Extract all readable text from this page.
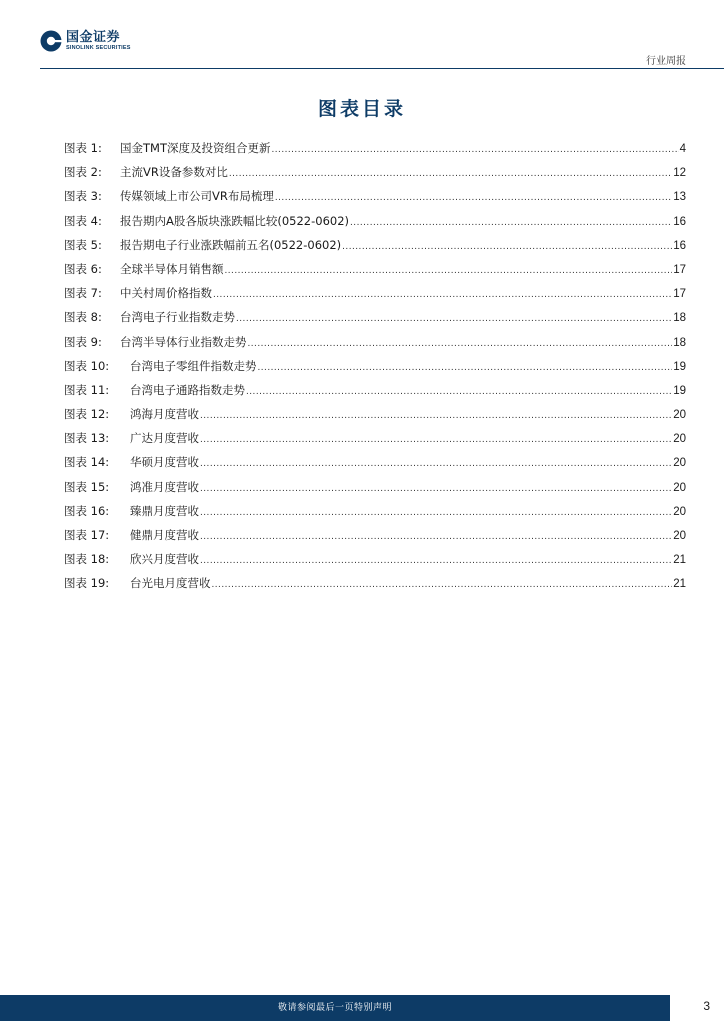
国金证券
SINOLINK SECURITIES
行业周报
图表目录
图表 1:	国金TMT深度及投资组合更新 .....	4
图表 2:	主流VR设备参数对比 .....	12
图表 3:	传媒领域上市公司VR布局梳理 .....	13
图表 4:	报告期内A股各版块涨跌幅比较(0522-0602) .....	16
图表 5:	报告期电子行业涨跌幅前五名(0522-0602) .....	16
图表 6:	全球半导体月销售额 .....	17
图表 7:	中关村周价格指数 .....	17
图表 8:	台湾电子行业指数走势 .....	18
图表 9:	台湾半导体行业指数走势 .....	18
图表 10:	台湾电子零组件指数走势 .....	19
图表 11:	台湾电子通路指数走势 .....	19
图表 12:	鸿海月度营收 .....	20
图表 13:	广达月度营收 .....	20
图表 14:	华硕月度营收 .....	20
图表 15:	鸿准月度营收 .....	20
图表 16:	臻鼎月度营收 .....	20
图表 17:	健鼎月度营收 .....	20
图表 18:	欣兴月度营收 .....	21
图表 19:	台光电月度营收 .....	21
敬请参阅最后一页特别声明	3
